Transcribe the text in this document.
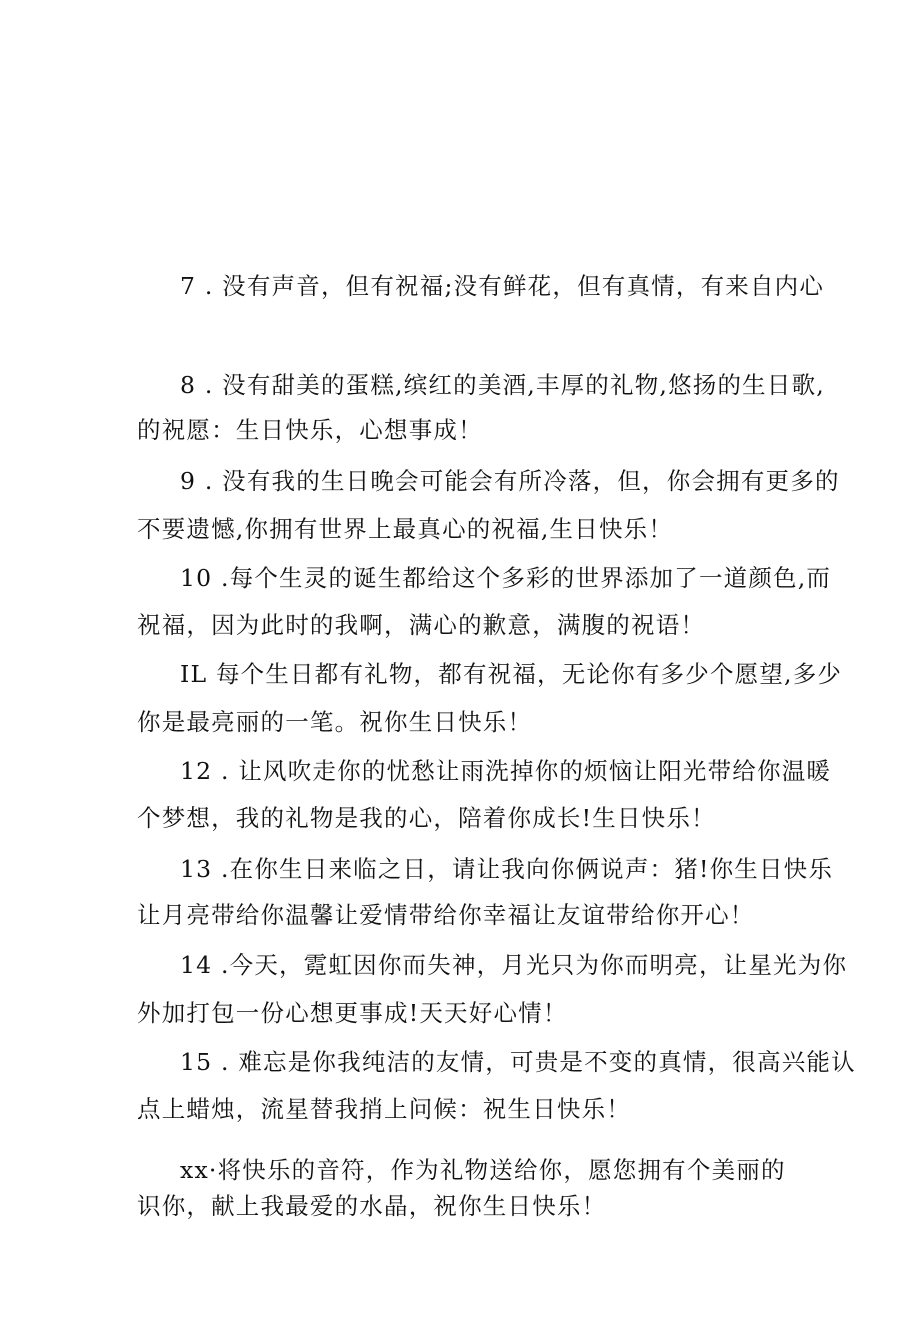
7 . 没有声音，但有祝福;没有鲜花，但有真情，有来自内心

的祝愿：生日快乐，心想事成！

8 . 没有甜美的蛋糕,缤红的美酒,丰厚的礼物,悠扬的生日歌,

不要遗憾,你拥有世界上最真心的祝福,生日快乐！

9 . 没有我的生日晚会可能会有所冷落，但，你会拥有更多的

祝福，因为此时的我啊，满心的歉意，满腹的祝语！

10 .每个生灵的诞生都给这个多彩的世界添加了一道颜色,而

你是最亮丽的一笔。祝你生日快乐！

IL 每个生日都有礼物，都有祝福，无论你有多少个愿望,多少

个梦想，我的礼物是我的心，陪着你成长!生日快乐！

12 . 让风吹走你的忧愁让雨洗掉你的烦恼让阳光带给你温暖

让月亮带给你温馨让爱情带给你幸福让友谊带给你开心！

13 .在你生日来临之日，请让我向你俩说声：猪!你生日快乐

外加打包一份心想更事成!天天好心情！

14 .今天，霓虹因你而失神，月光只为你而明亮，让星光为你

点上蜡烛，流星替我捎上问候：祝生日快乐！

15 . 难忘是你我纯洁的友情，可贵是不变的真情，很高兴能认

识你，献上我最爱的水晶，祝你生日快乐！

xx·将快乐的音符，作为礼物送给你，愿您拥有个美丽的
